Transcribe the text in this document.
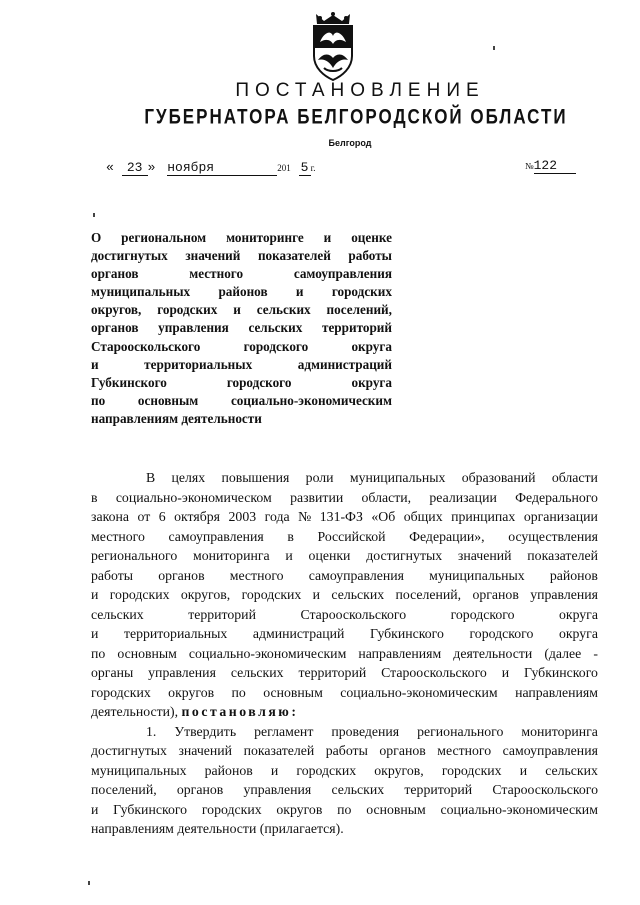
ПОСТАНОВЛЕНИЕ
ГУБЕРНАТОРА БЕЛГОРОДСКОЙ ОБЛАСТИ
Белгород
« 23 » ноября	201 5 г.	№122
О региональном мониторинге и оценке
достигнутых значений показателей работы
органов	местного	самоуправления
муниципальных районов и городских
округов, городских и сельских поселений,
органов управления сельских территорий
Старооскольского	городского	округа
и	территориальных	администраций
Губкинского	городского	округа
по основным социально-экономическим
направлениям деятельности
В целях повышения роли муниципальных образований области
в социально-экономическом развитии области, реализации Федерального
закона от 6 октября 2003 года № 131-ФЗ «Об общих принципах организации
местного самоуправления в Российской Федерации», осуществления
регионального мониторинга и оценки достигнутых значений показателей
работы органов местного самоуправления муниципальных районов
и городских округов, городских и сельских поселений, органов управления
сельских	территорий	Старооскольского	городского	округа
и территориальных администраций Губкинского городского округа
по основным социально-экономическим направлениям деятельности (далее -
органы управления сельских территорий Старооскольского и Губкинского
городских округов по основным социально-экономическим направлениям
деятельности),
постановляю:
1. Утвердить регламент проведения регионального мониторинга
достигнутых значений показателей работы органов местного самоуправления
муниципальных районов и городских округов, городских и сельских
поселений, органов управления сельских территорий Старооскольского
и Губкинского городских округов по основным социально-экономическим
направлениям деятельности (прилагается).
